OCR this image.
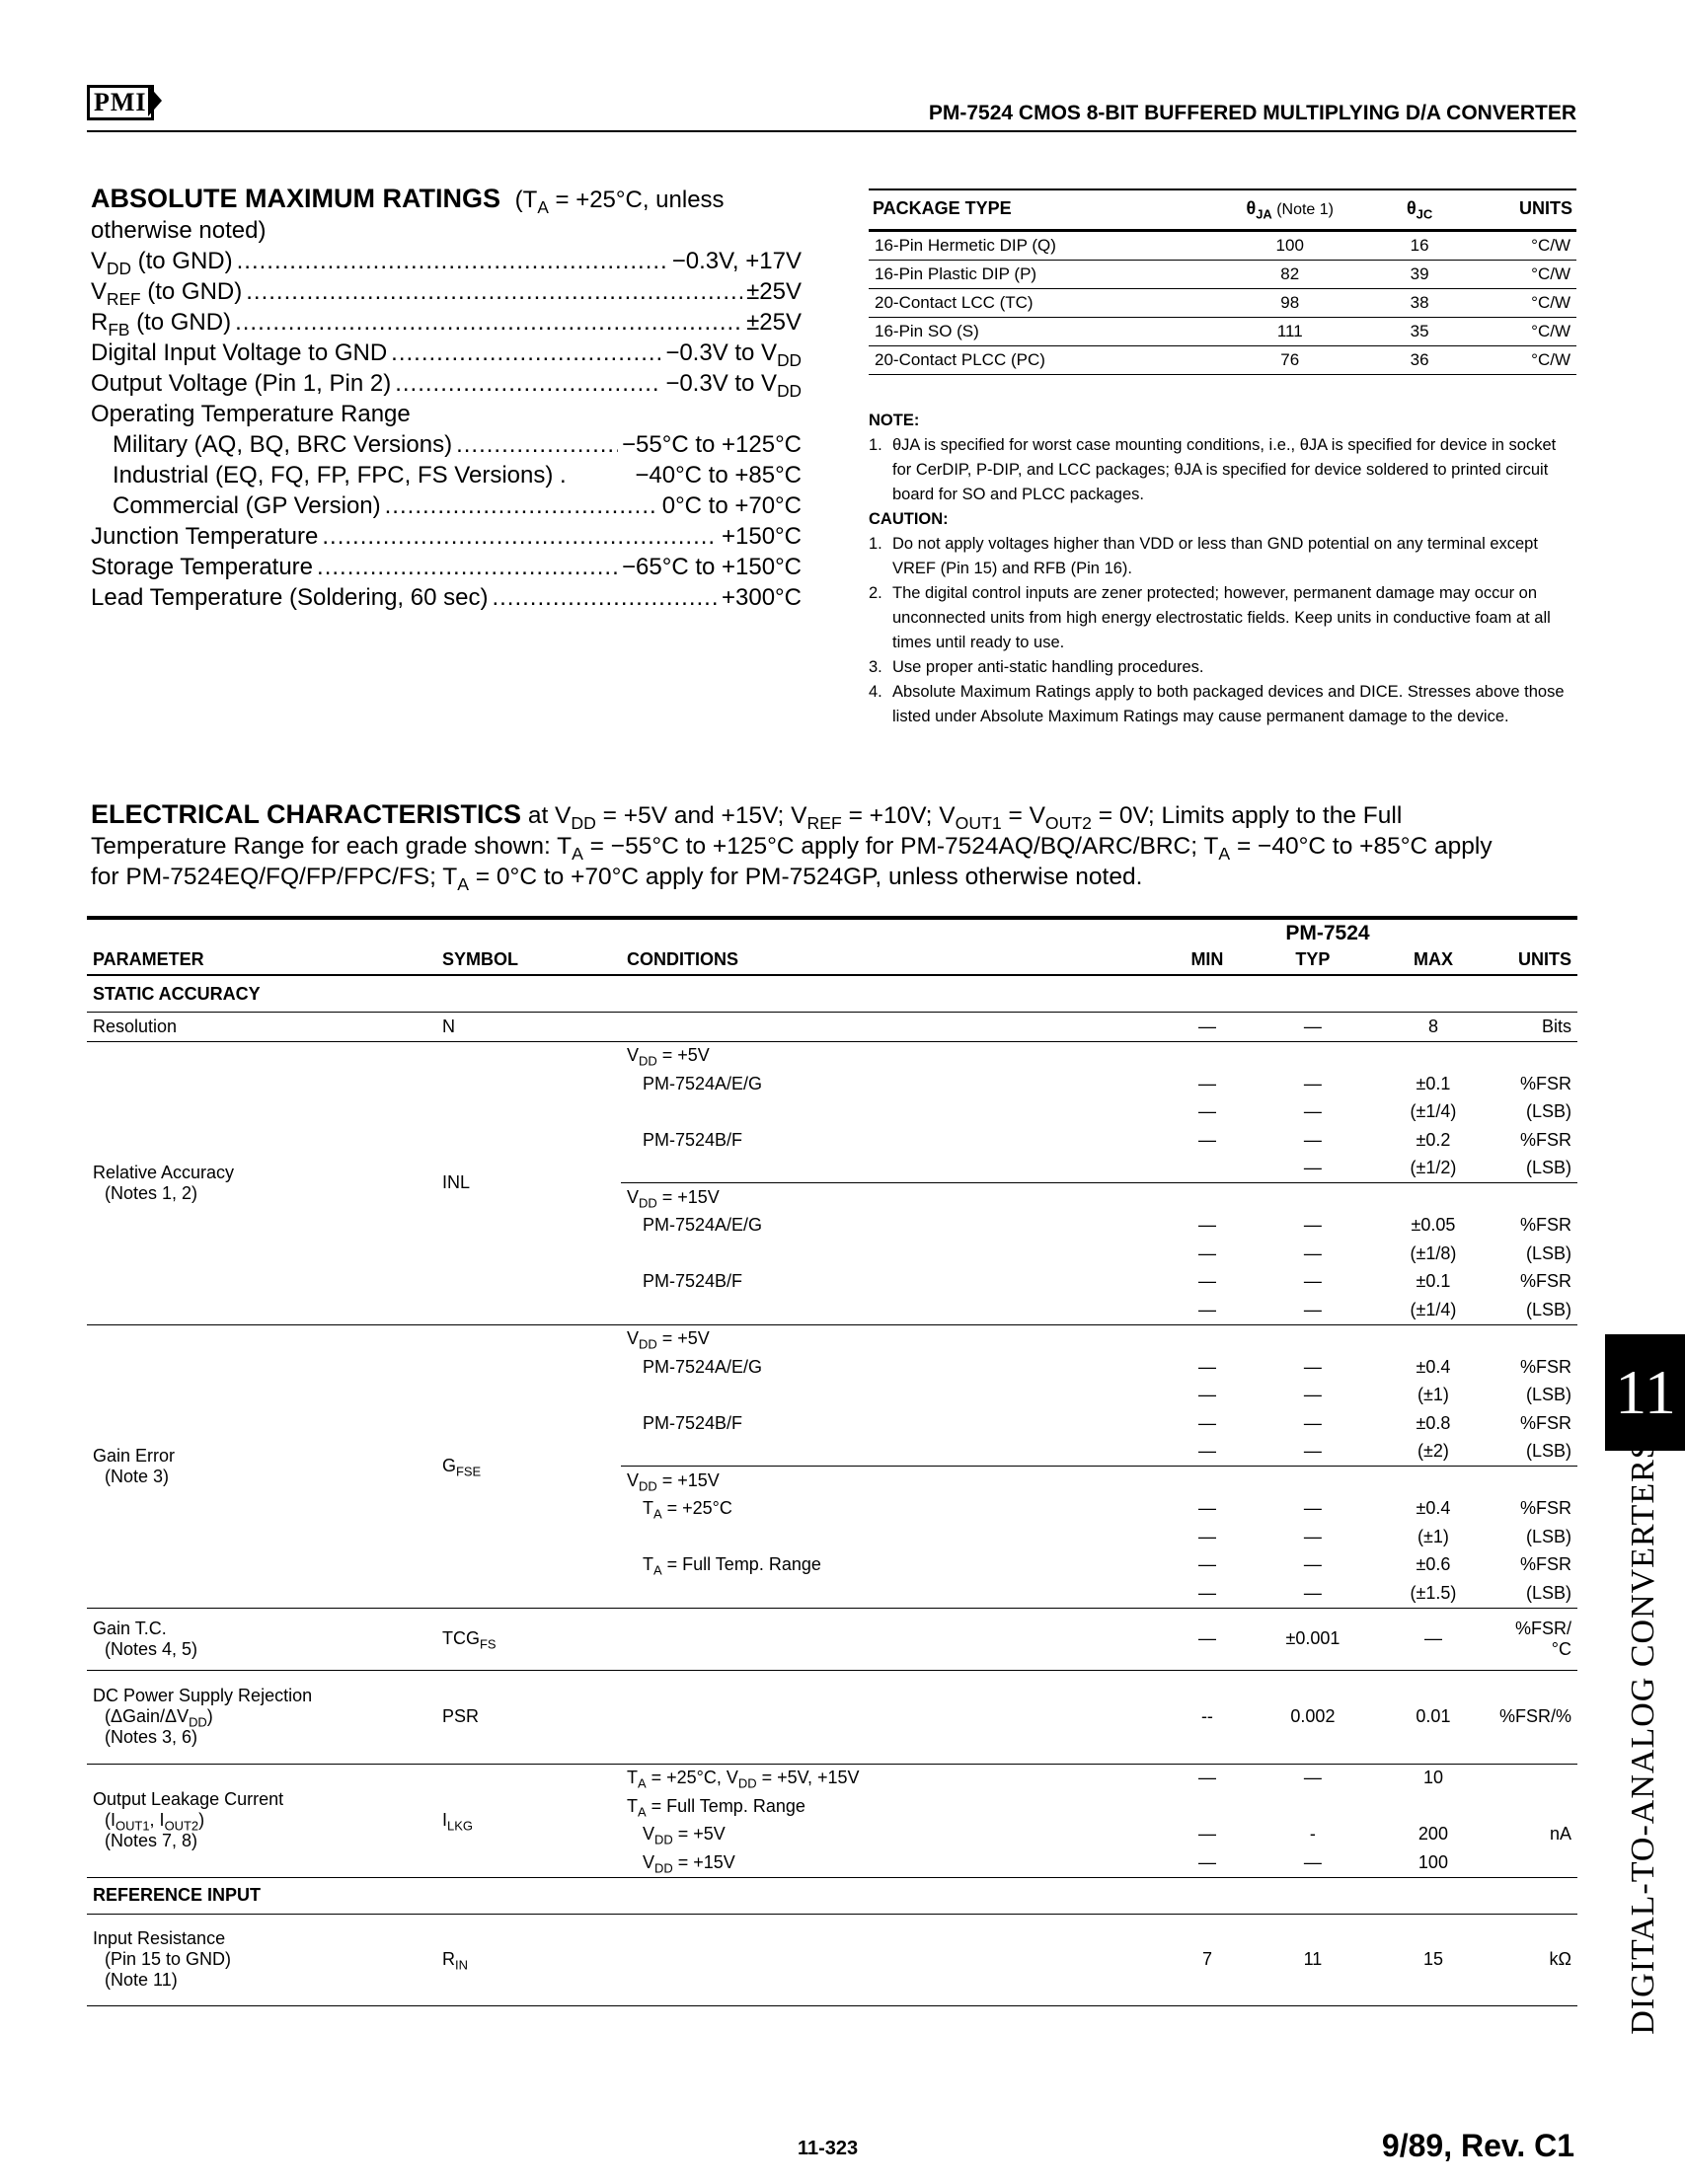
PMI	PM-7524 CMOS 8-BIT BUFFERED MULTIPLYING D/A CONVERTER
ABSOLUTE MAXIMUM RATINGS ($T_A = +25^\circ C$, unless
otherwise noted)
$V_{DD}$ (to GND) .....	−0.3V, +17V
$V_{REF}$ (to GND) .....	±25V
$R_{FB}$ (to GND) .....	±25V
Digital Input Voltage to GND .....	−0.3V to $V_{DD}$
Output Voltage (Pin 1, Pin 2) .....	−0.3V to $V_{DD}$
Operating Temperature Range
Military (AQ, BQ, BRC Versions) .....	−55°C to +125°C
Industrial (EQ, FQ, FP, FPC, FS Versions) .	−40°C to +85°C
Commercial (GP Version) .....	0°C to +70°C
Junction Temperature .....	+150°C
Storage Temperature .....	−65°C to +150°C
Lead Temperature (Soldering, 60 sec) .....	+300°C
PACKAGE TYPE	$\theta_{JA}$ (Note 1)	$\theta_{JC}$	UNITS
16-Pin Hermetic DIP (Q)	100	16	°C/W
16-Pin Plastic DIP (P)	82	39	°C/W
20-Contact LCC (TC)	98	38	°C/W
16-Pin SO (S)	111	35	°C/W
20-Contact PLCC (PC)	76	36	°C/W
NOTE:
1. θJA is specified for worst case mounting conditions, i.e., θJA is specified for device in socket for CerDIP, P-DIP, and LCC packages; θJA is specified for device soldered to printed circuit board for SO and PLCC packages.
CAUTION:
1. Do not apply voltages higher than VDD or less than GND potential on any terminal except VREF (Pin 15) and RFB (Pin 16).
2. The digital control inputs are zener protected; however, permanent damage may occur on unconnected units from high energy electrostatic fields. Keep units in conductive foam at all times until ready to use.
3. Use proper anti-static handling procedures.
4. Absolute Maximum Ratings apply to both packaged devices and DICE. Stresses above those listed under Absolute Maximum Ratings may cause permanent damage to the device.
ELECTRICAL CHARACTERISTICS at $V_{DD} = +5V$ and +15V; $V_{REF} = +10V$; $V_{OUT1} = V_{OUT2} = 0V$; Limits apply to the Full
Temperature Range for each grade shown: $T_A = -55^\circ C$ to +125°C apply for PM-7524AQ/BQ/ARC/BRC; $T_A = -40^\circ C$ to +85°C apply
for PM-7524EQ/FQ/FP/FPC/FS; $T_A = 0^\circ C$ to +70°C apply for PM-7524GP, unless otherwise noted.
			PM-7524			
PARAMETER	SYMBOL	CONDITIONS	MIN	TYP	MAX	UNITS
STATIC ACCURACY						
Resolution	N		—	—	8	Bits

Relative Accuracy
(Notes 1, 2)	INL	$V_{DD} = +5V$				
		PM-7524A/E/G	—	—	±0.1	%FSR
			—	—	(±1/4)	(LSB)
		PM-7524B/F	—	—	±0.2	%FSR
				—	(±1/2)	(LSB)
		$V_{DD} = +15V$				
		PM-7524A/E/G	—	—	±0.05	%FSR
			—	—	(±1/8)	(LSB)
		PM-7524B/F	—	—	±0.1	%FSR
			—	—	(±1/4)	(LSB)

Gain Error
(Note 3)	$G_{FSE}$	$V_{DD} = +5V$				
		PM-7524A/E/G	—	—	±0.4	%FSR
			—	—	(±1)	(LSB)
		PM-7524B/F	—	—	±0.8	%FSR
			—	—	(±2)	(LSB)
		$V_{DD} = +15V$				
		$T_A = +25^\circ C$	—	—	±0.4	%FSR
			—	—	(±1)	(LSB)
		$T_A$ = Full Temp. Range	—	—	±0.6	%FSR
			—	—	(±1.5)	(LSB)

Gain T.C.
(Notes 4, 5)	$TCG_{FS}$		—	±0.001	—	%FSR/°C

DC Power Supply Rejection
$(\Delta Gain/\Delta V_{DD})$
(Notes 3, 6)	PSR		--	0.002	0.01	%FSR/%

Output Leakage Current
($I_{OUT1}$, $I_{OUT2}$)
(Notes 7, 8)	$I_{LKG}$	$T_A = +25^\circ C$, $V_{DD} = +5V$, +15V	—	—	10	
		$T_A$ = Full Temp. Range				
		$V_{DD} = +5V$	—	-	200	nA
		$V_{DD} = +15V$	—	—	100	
REFERENCE INPUT						

Input Resistance
(Pin 15 to GND)
(Note 11)	$R_{IN}$		7	11	15	kΩ
11
DIGITAL-TO-ANALOG CONVERTERS
11-323	9/89, Rev. C1
